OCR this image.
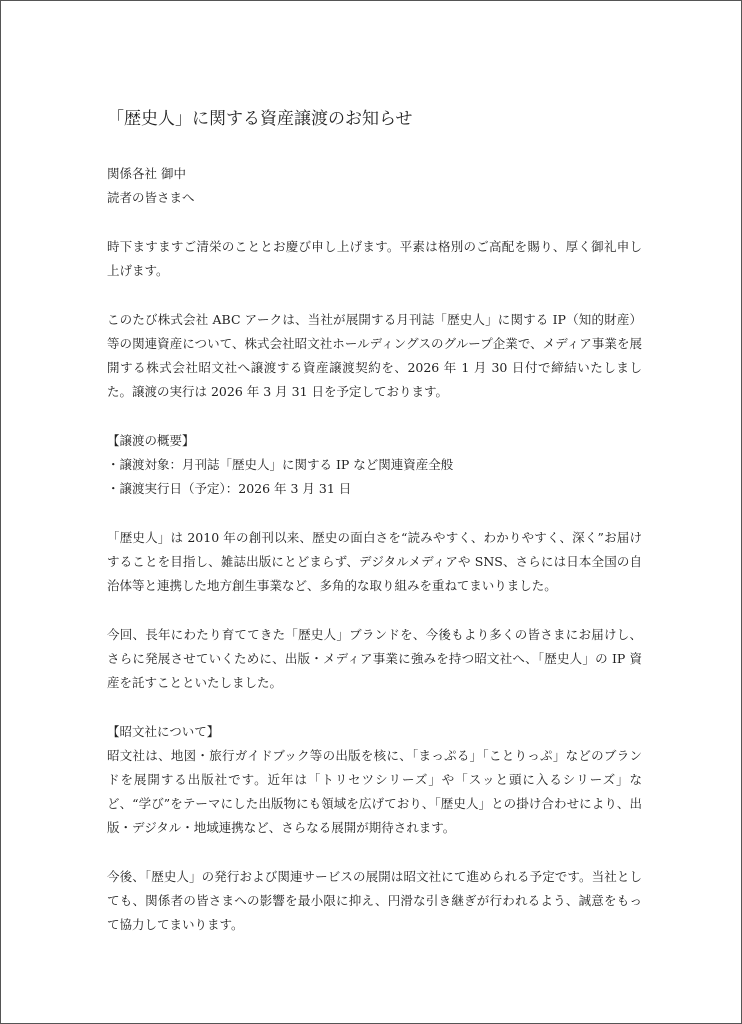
「歴史人」に関する資産譲渡のお知らせ
関係各社 御中
読者の皆さまへ

時下ますますご清栄のこととお慶び申し上げます。平素は格別のご高配を賜り、厚く御礼申し上げます。

このたび株式会社 ABC アークは、当社が展開する月刊誌「歴史人」に関する IP（知的財産）等の関連資産について、株式会社昭文社ホールディングスのグループ企業で、メディア事業を展開する株式会社昭文社へ譲渡する資産譲渡契約を、2026 年 1 月 30 日付で締結いたしました。譲渡の実行は 2026 年 3 月 31 日を予定しております。

【譲渡の概要】
・譲渡対象：月刊誌「歴史人」に関する IP など関連資産全般
・譲渡実行日（予定）：2026 年 3 月 31 日

「歴史人」は 2010 年の創刊以来、歴史の面白さを“読みやすく、わかりやすく、深く”お届けすることを目指し、雑誌出版にとどまらず、デジタルメディアや SNS、さらには日本全国の自治体等と連携した地方創生事業など、多角的な取り組みを重ねてまいりました。

今回、長年にわたり育ててきた「歴史人」ブランドを、今後もより多くの皆さまにお届けし、さらに発展させていくために、出版・メディア事業に強みを持つ昭文社へ、「歴史人」の IP 資産を託すことといたしました。

【昭文社について】

昭文社は、地図・旅行ガイドブック等の出版を核に、「まっぷる」「ことりっぷ」などのブランドを展開する出版社です。近年は「トリセツシリーズ」や「スッと頭に入るシリーズ」など、“学び”をテーマにした出版物にも領域を広げており、「歴史人」との掛け合わせにより、出版・デジタル・地域連携など、さらなる展開が期待されます。

今後、「歴史人」の発行および関連サービスの展開は昭文社にて進められる予定です。当社としても、関係者の皆さまへの影響を最小限に抑え、円滑な引き継ぎが行われるよう、誠意をもって協力してまいります。
